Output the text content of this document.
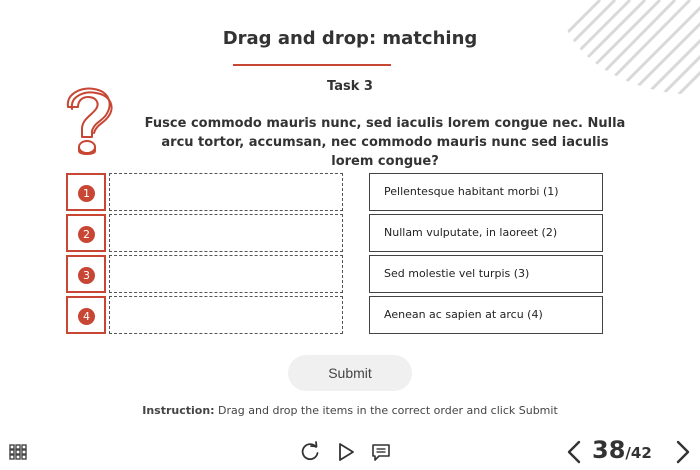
Drag and drop: matching
Task 3
Fusce commodo mauris nunc, sed iaculis lorem congue nec. Nulla arcu tortor, accumsan, nec commodo mauris nunc sed iaculis lorem congue?
1
2
3
4
Pellentesque habitant morbi (1)
Nullam vulputate, in laoreet (2)
Sed molestie vel turpis (3)
Aenean ac sapien at arcu (4)
Submit
Instruction: Drag and drop the items in the correct order and click Submit
38/42
